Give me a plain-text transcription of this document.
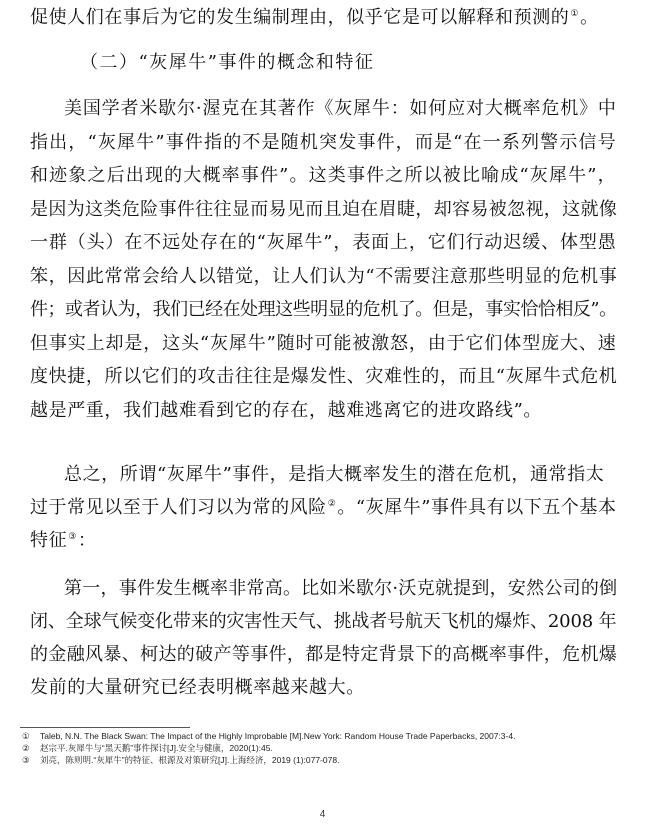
促使人们在事后为它的发生编制理由，似乎它是可以解释和预测的①。
（二）“灰犀牛”事件的概念和特征
美国学者米歇尔·渥克在其著作《灰犀牛：如何应对大概率危机》中
指出，“灰犀牛”事件指的不是随机突发事件，而是“在一系列警示信号
和迹象之后出现的大概率事件”。这类事件之所以被比喻成“灰犀牛”，
是因为这类危险事件往往显而易见而且迫在眉睫，却容易被忽视，这就像
一群（头）在不远处存在的“灰犀牛”，表面上，它们行动迟缓、体型愚
笨，因此常常会给人以错觉，让人们认为“不需要注意那些明显的危机事
件；或者认为，我们已经在处理这些明显的危机了。但是，事实恰恰相反”。
但事实上却是，这头“灰犀牛”随时可能被激怒，由于它们体型庞大、速
度快捷，所以它们的攻击往往是爆发性、灾难性的，而且“灰犀牛式危机
越是严重，我们越难看到它的存在，越难逃离它的进攻路线”。
总之，所谓“灰犀牛”事件，是指大概率发生的潜在危机，通常指太
过于常见以至于人们习以为常的风险②。“灰犀牛”事件具有以下五个基本
特征③：
第一，事件发生概率非常高。比如米歇尔·沃克就提到，安然公司的倒
闭、全球气候变化带来的灾害性天气、挑战者号航天飞机的爆炸、2008 年
的金融风暴、柯达的破产等事件，都是特定背景下的高概率事件，危机爆
发前的大量研究已经表明概率越来越大。
① Taleb, N.N. The Black Swan: The Impact of the Highly Improbable [M].New York: Random House Trade Paperbacks, 2007:3-4.
② 赵宗平.灰犀牛与“黑天鹅”事件探讨[J].安全与健康，2020(1):45.
③ 刘亮，陈则明.“灰犀牛”的特征、根源及对策研究[J].上海经济，2019 (1):077-078.
4
